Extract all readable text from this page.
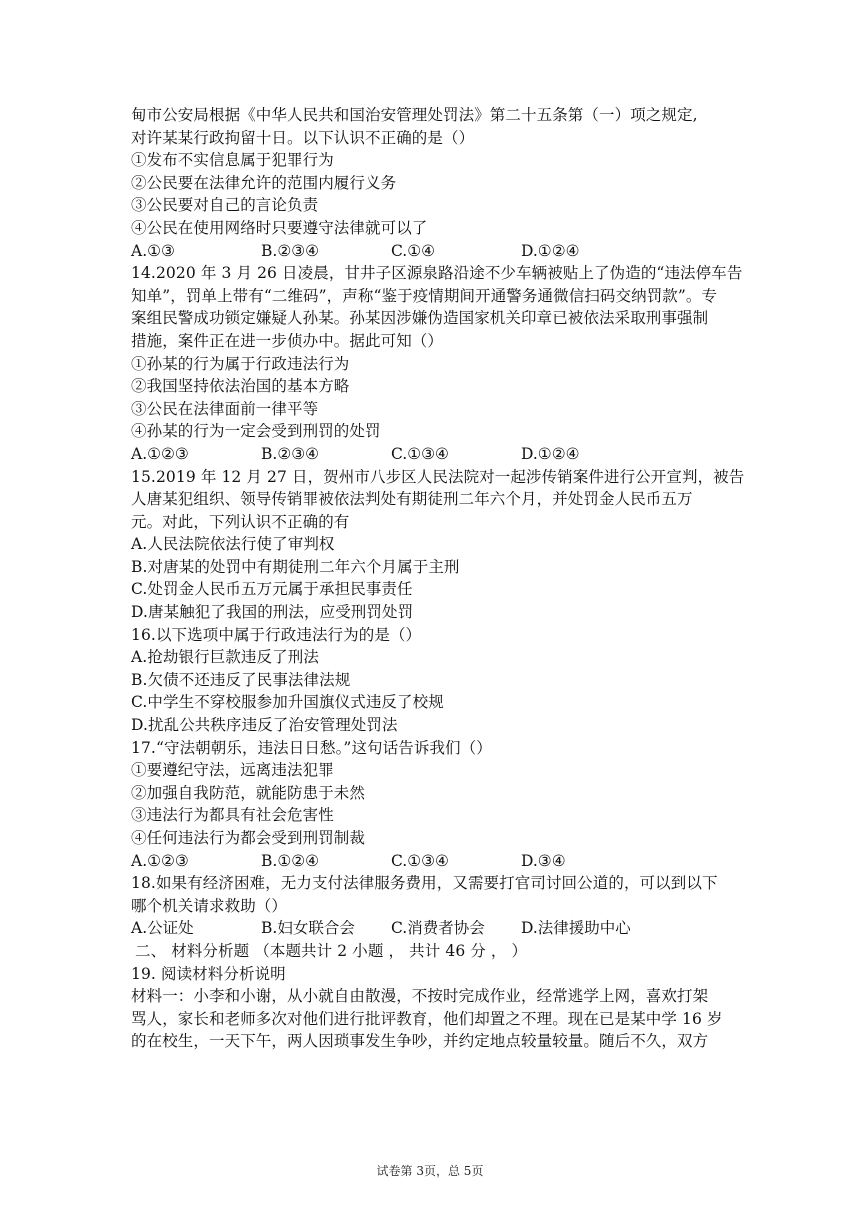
甸市公安局根据《中华人民共和国治安管理处罚法》第二十五条第（一）项之规定,
对许某某行政拘留十日。以下认识不正确的是（）
①发布不实信息属于犯罪行为
②公民要在法律允许的范围内履行义务
③公民要对自己的言论负责
④公民在使用网络时只要遵守法律就可以了
A.①③	B.②③④	C.①④	D.①②④
14.2020 年 3 月 26 日凌晨，甘井子区源泉路沿途不少车辆被贴上了伪造的“违法停车告
知单”，罚单上带有“二维码”，声称“鉴于疫情期间开通警务通微信扫码交纳罚款”。专
案组民警成功锁定嫌疑人孙某。孙某因涉嫌伪造国家机关印章已被依法采取刑事强制
措施，案件正在进一步侦办中。据此可知（）
①孙某的行为属于行政违法行为
②我国坚持依法治国的基本方略
③公民在法律面前一律平等
④孙某的行为一定会受到刑罚的处罚
A.①②③	B.②③④	C.①③④	D.①②④
15.2019 年 12 月 27 日，贺州市八步区人民法院对一起涉传销案件进行公开宣判，被告
人唐某犯组织、领导传销罪被依法判处有期徒刑二年六个月，并处罚金人民币五万
元。对此，下列认识不正确的有
A.人民法院依法行使了审判权
B.对唐某的处罚中有期徒刑二年六个月属于主刑
C.处罚金人民币五万元属于承担民事责任
D.唐某触犯了我国的刑法，应受刑罚处罚
16.以下选项中属于行政违法行为的是（）
A.抢劫银行巨款违反了刑法
B.欠债不还违反了民事法律法规
C.中学生不穿校服参加升国旗仪式违反了校规
D.扰乱公共秩序违反了治安管理处罚法
17.“守法朝朝乐，违法日日愁。”这句话告诉我们（）
①要遵纪守法，远离违法犯罪
②加强自我防范，就能防患于未然
③违法行为都具有社会危害性
④任何违法行为都会受到刑罚制裁
A.①②③	B.①②④	C.①③④	D.③④
18.如果有经济困难，无力支付法律服务费用，又需要打官司讨回公道的，可以到以下
哪个机关请求救助（）
A.公证处	B.妇女联合会	C.消费者协会	D.法律援助中心
二、 材料分析题 （本题共计 2 小题 ， 共计 46 分 ， ）
19. 阅读材料分析说明
材料一：小李和小谢，从小就自由散漫，不按时完成作业，经常逃学上网，喜欢打架
骂人，家长和老师多次对他们进行批评教育，他们却置之不理。现在已是某中学 16 岁
的在校生，一天下午，两人因琐事发生争吵，并约定地点较量较量。随后不久，双方
试卷第 3页，总 5页
